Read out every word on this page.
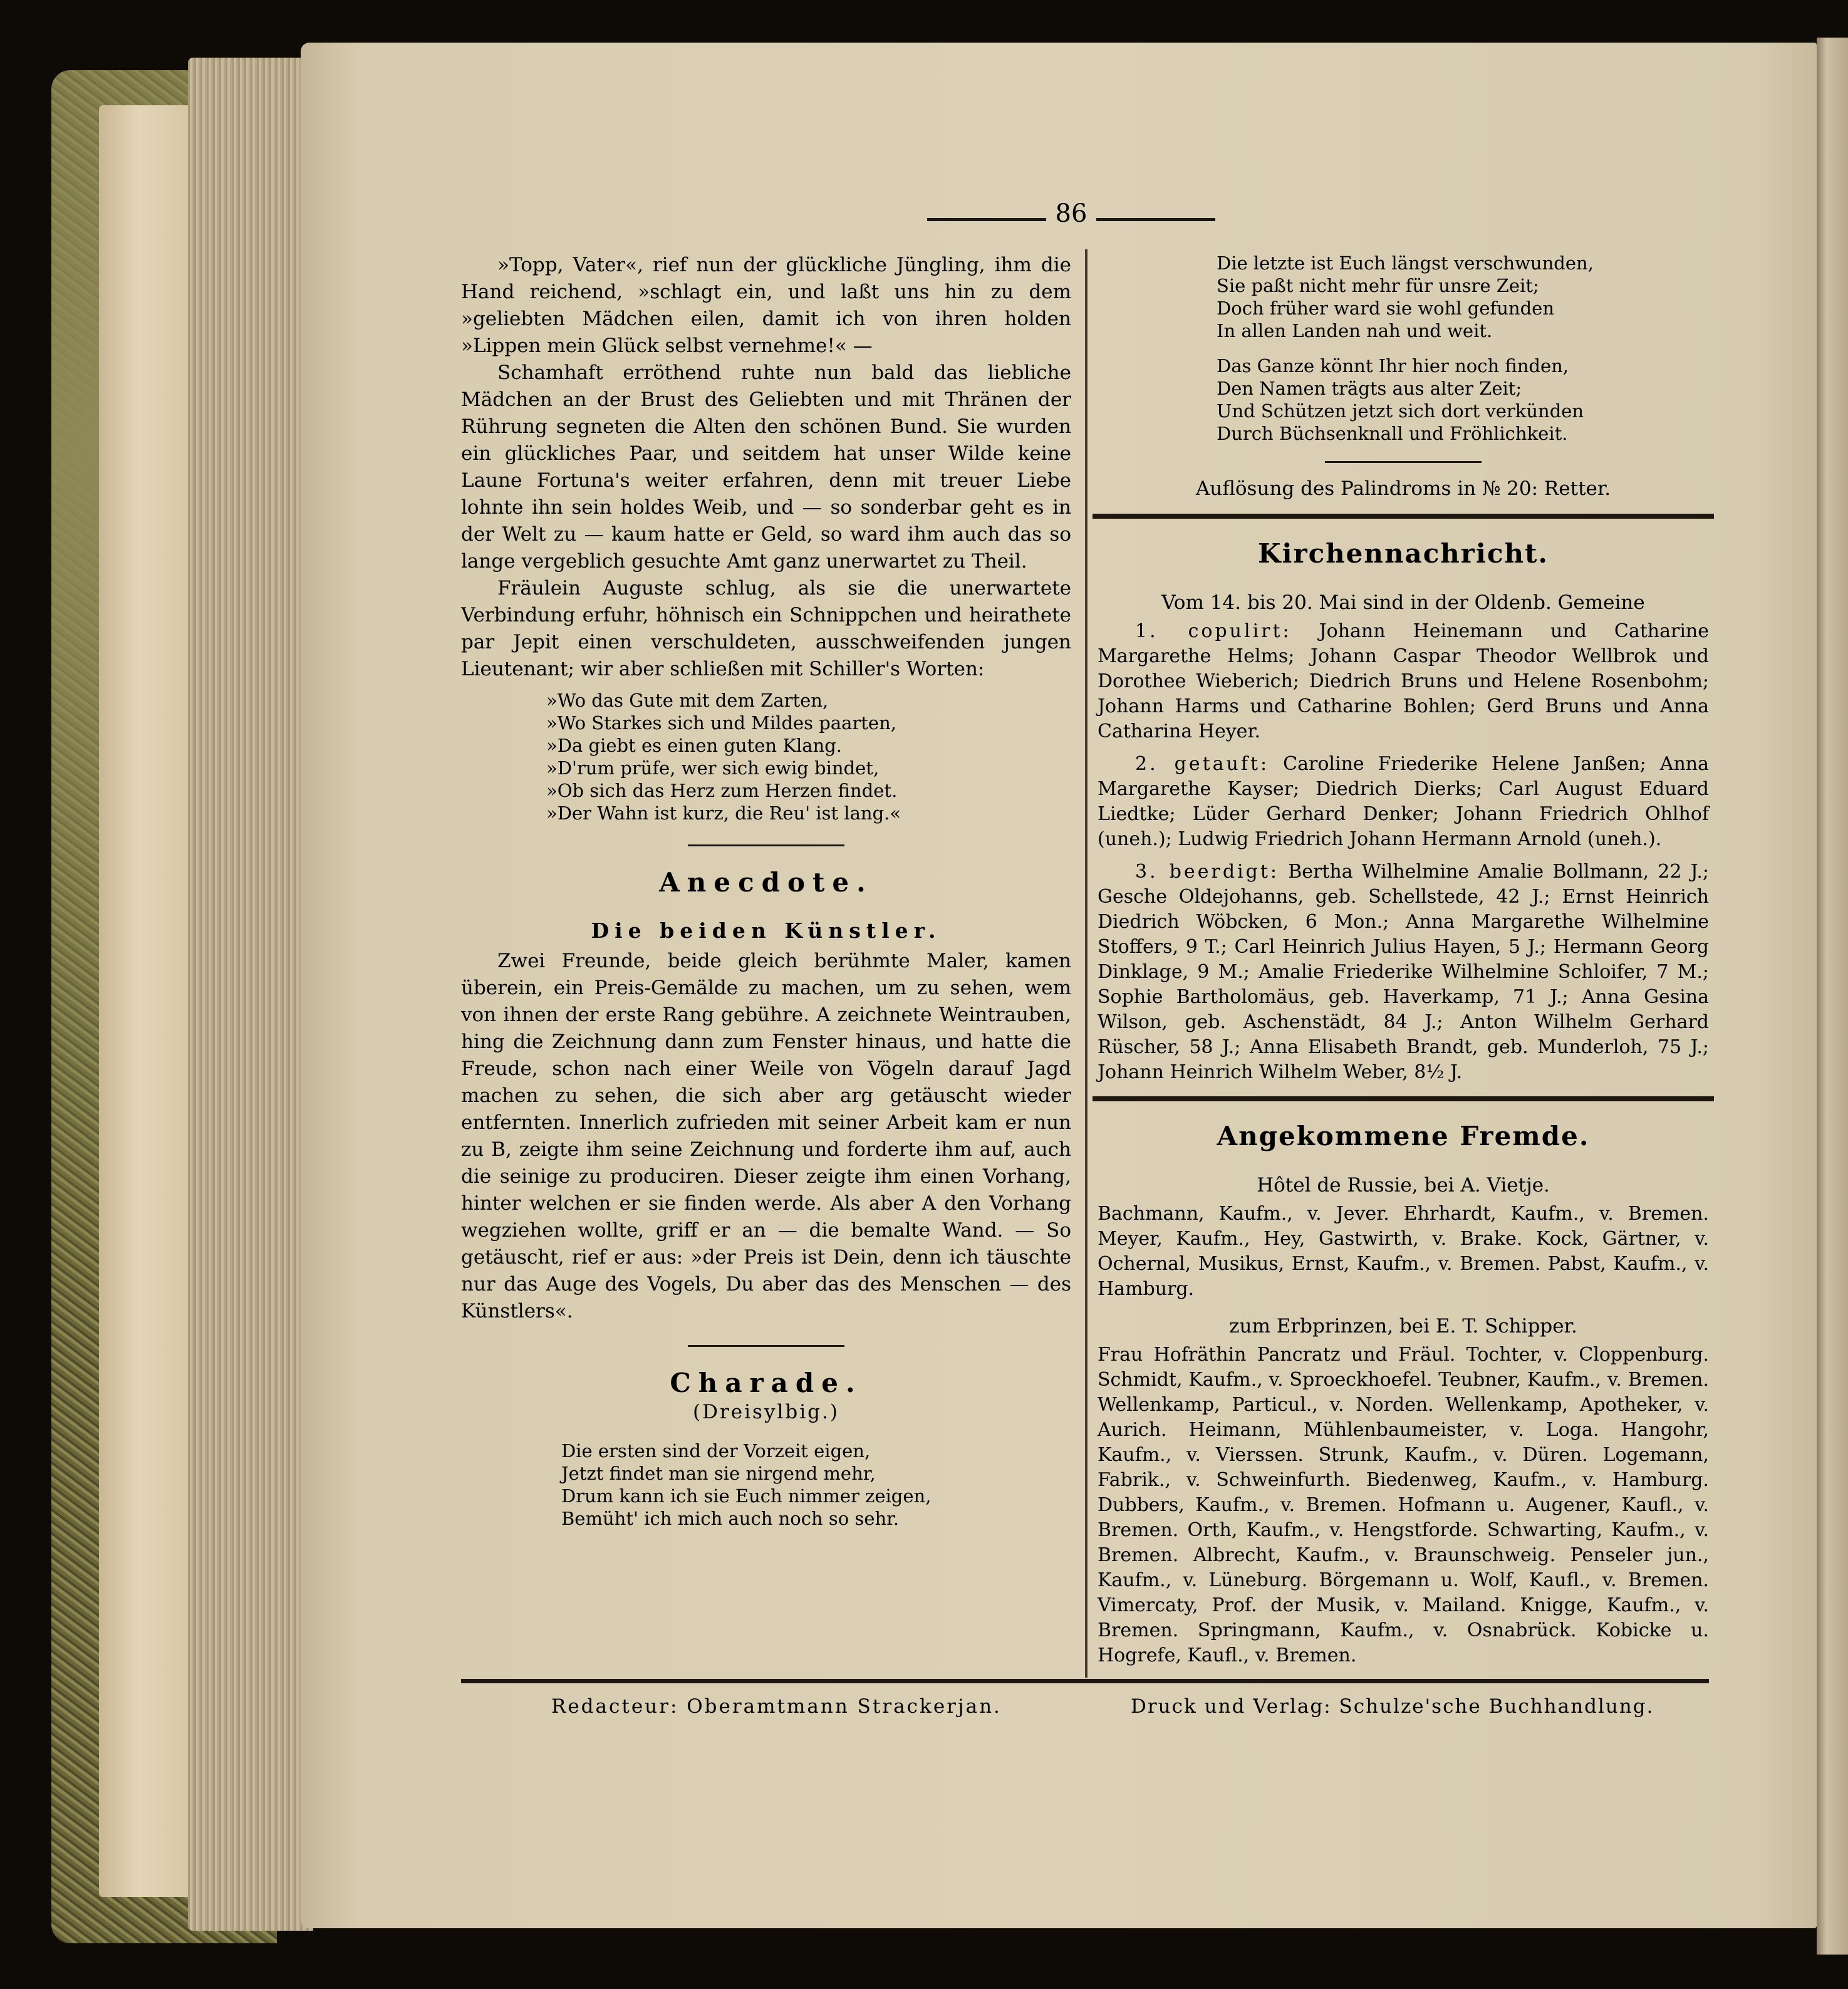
86

»Topp, Vater«, rief nun der glückliche Jüngling, ihm die Hand reichend, »schlagt ein, und laßt uns hin zu dem »geliebten Mädchen eilen, damit ich von ihren holden »Lippen mein Glück selbst vernehme!« —

Schamhaft erröthend ruhte nun bald das liebliche Mädchen an der Brust des Geliebten und mit Thränen der Rührung segneten die Alten den schönen Bund. Sie wurden ein glückliches Paar, und seitdem hat unser Wilde keine Laune Fortuna's weiter erfahren, denn mit treuer Liebe lohnte ihn sein holdes Weib, und — so sonderbar geht es in der Welt zu — kaum hatte er Geld, so ward ihm auch das so lange vergeblich gesuchte Amt ganz unerwartet zu Theil.

Fräulein Auguste schlug, als sie die unerwartete Verbindung erfuhr, höhnisch ein Schnippchen und heirathete par Jepit einen verschuldeten, ausschweifenden jungen Lieutenant; wir aber schließen mit Schiller's Worten:

»Wo das Gute mit dem Zarten,
»Wo Starkes sich und Mildes paarten,
»Da giebt es einen guten Klang.
»D'rum prüfe, wer sich ewig bindet,
»Ob sich das Herz zum Herzen findet.
»Der Wahn ist kurz, die Reu' ist lang.«
Anecdote.
Die beiden Künstler.

Zwei Freunde, beide gleich berühmte Maler, kamen überein, ein Preis-Gemälde zu machen, um zu sehen, wem von ihnen der erste Rang gebühre. A zeichnete Weintrauben, hing die Zeichnung dann zum Fenster hinaus, und hatte die Freude, schon nach einer Weile von Vögeln darauf Jagd machen zu sehen, die sich aber arg getäuscht wieder entfernten. Innerlich zufrieden mit seiner Arbeit kam er nun zu B, zeigte ihm seine Zeichnung und forderte ihm auf, auch die seinige zu produciren. Dieser zeigte ihm einen Vorhang, hinter welchen er sie finden werde. Als aber A den Vorhang wegziehen wollte, griff er an — die bemalte Wand. — So getäuscht, rief er aus: »der Preis ist Dein, denn ich täuschte nur das Auge des Vogels, Du aber das des Menschen — des Künstlers«.

Charade.
(Dreisylbig.)
Die ersten sind der Vorzeit eigen,
Jetzt findet man sie nirgend mehr,
Drum kann ich sie Euch nimmer zeigen,
Bemüht' ich mich auch noch so sehr.
Die letzte ist Euch längst verschwunden,
Sie paßt nicht mehr für unsre Zeit;
Doch früher ward sie wohl gefunden
In allen Landen nah und weit.
Das Ganze könnt Ihr hier noch finden,
Den Namen trägts aus alter Zeit;
Und Schützen jetzt sich dort verkünden
Durch Büchsenknall und Fröhlichkeit.
Auflösung des Palindroms in № 20: Retter.
Kirchennachricht.
Vom 14. bis 20. Mai sind in der Oldenb. Gemeine

1. copulirt: Johann Heinemann und Catharine Margarethe Helms; Johann Caspar Theodor Wellbrok und Dorothee Wieberich; Diedrich Bruns und Helene Rosenbohm; Johann Harms und Catharine Bohlen; Gerd Bruns und Anna Catharina Heyer.

2. getauft: Caroline Friederike Helene Janßen; Anna Margarethe Kayser; Diedrich Dierks; Carl August Eduard Liedtke; Lüder Gerhard Denker; Johann Friedrich Ohlhof (uneh.); Ludwig Friedrich Johann Hermann Arnold (uneh.).

3. beerdigt: Bertha Wilhelmine Amalie Bollmann, 22 J.; Gesche Oldejohanns, geb. Schellstede, 42 J.; Ernst Heinrich Diedrich Wöbcken, 6 Mon.; Anna Margarethe Wilhelmine Stoffers, 9 T.; Carl Heinrich Julius Hayen, 5 J.; Hermann Georg Dinklage, 9 M.; Amalie Friederike Wilhelmine Schloifer, 7 M.; Sophie Bartholomäus, geb. Haverkamp, 71 J.; Anna Gesina Wilson, geb. Aschenstädt, 84 J.; Anton Wilhelm Gerhard Rüscher, 58 J.; Anna Elisabeth Brandt, geb. Munderloh, 75 J.; Johann Heinrich Wilhelm Weber, 8½ J.

Angekommene Fremde.
Hôtel de Russie, bei A. Vietje.

Bachmann, Kaufm., v. Jever. Ehrhardt, Kaufm., v. Bremen. Meyer, Kaufm., Hey, Gastwirth, v. Brake. Kock, Gärtner, v. Ochernal, Musikus, Ernst, Kaufm., v. Bremen. Pabst, Kaufm., v. Hamburg.

zum Erbprinzen, bei E. T. Schipper.

Frau Hofräthin Pancratz und Fräul. Tochter, v. Cloppenburg. Schmidt, Kaufm., v. Sproeckhoefel. Teubner, Kaufm., v. Bremen. Wellenkamp, Particul., v. Norden. Wellenkamp, Apotheker, v. Aurich. Heimann, Mühlenbaumeister, v. Loga. Hangohr, Kaufm., v. Vierssen. Strunk, Kaufm., v. Düren. Logemann, Fabrik., v. Schweinfurth. Biedenweg, Kaufm., v. Hamburg. Dubbers, Kaufm., v. Bremen. Hofmann u. Augener, Kaufl., v. Bremen. Orth, Kaufm., v. Hengstforde. Schwarting, Kaufm., v. Bremen. Albrecht, Kaufm., v. Braunschweig. Penseler jun., Kaufm., v. Lüneburg. Börgemann u. Wolf, Kaufl., v. Bremen. Vimercaty, Prof. der Musik, v. Mailand. Knigge, Kaufm., v. Bremen. Springmann, Kaufm., v. Osnabrück. Kobicke u. Hogrefe, Kaufl., v. Bremen.

Redacteur: Oberamtmann Strackerjan.	Druck und Verlag: Schulze'sche Buchhandlung.
